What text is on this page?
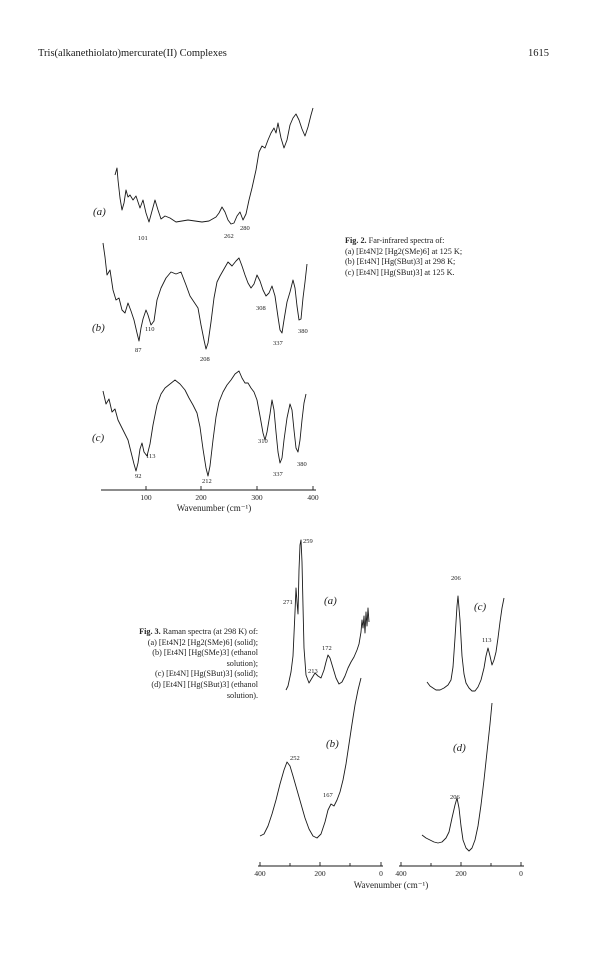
Tris(alkanethiolato)mercurate(II) Complexes	1615
Fig. 2. Far-infrared spectra of:
(a) [Et4N]2 [Hg2(SMe)6] at 125 K;
(b) [Et4N] [Hg(SBut)3] at 298 K;
(c) [Et4N] [Hg(SBut)3] at 125 K.
Fig. 3. Raman spectra (at 298 K) of:
(a) [Et4N]2 [Hg2(SMe)6] (solid);
(b) [Et4N] [Hg(SMe)3] (ethanol
solution);
(c) [Et4N] [Hg(SBut)3] (solid);
(d) [Et4N] [Hg(SBut)3] (ethanol
solution).
(a)
(b)
(c)
101	262
280
87
110
208
308
337
380
92
113
212
310
337
380
100	200	300	400
Wavenumber (cm⁻¹)
(a)
(b)
(c)
(d)
259
271
213
172
252
167
206
113
206
400	200	0 400	200	0
Wavenumber (cm⁻¹)
